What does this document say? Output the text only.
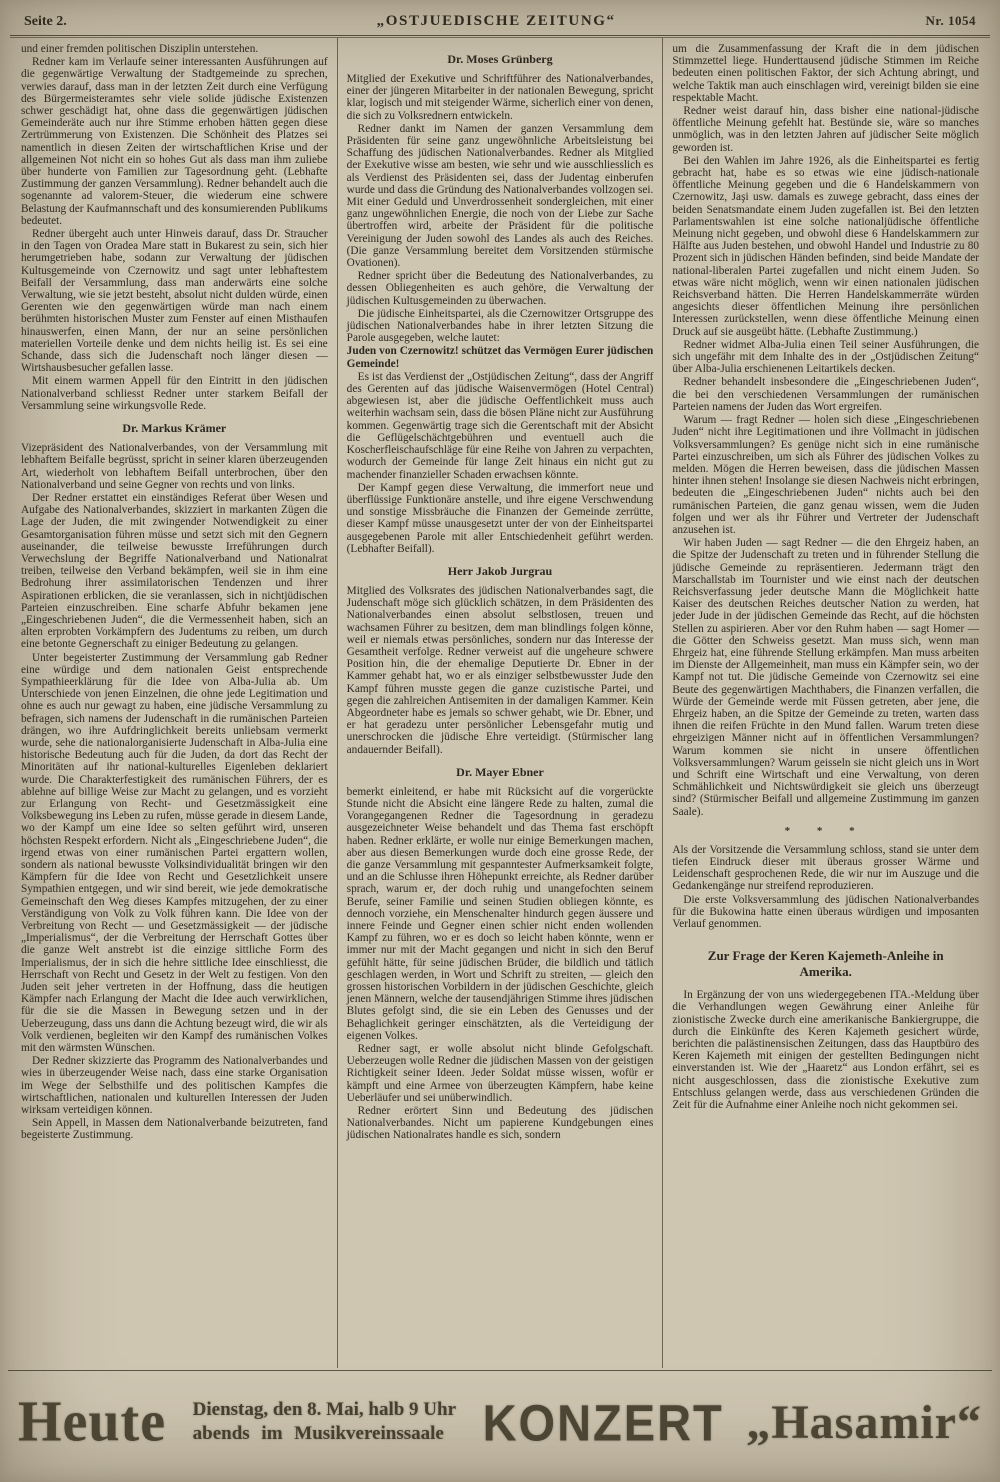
Seite 2.	„OSTJUEDISCHE ZEITUNG“	Nr. 1054

und einer fremden politischen Disziplin unterstehen.

Redner kam im Verlaufe seiner interessanten Ausführungen auf die gegenwärtige Verwaltung der Stadtgemeinde zu sprechen, verwies darauf, dass man in der letzten Zeit durch eine Verfügung des Bürgermeisteramtes sehr viele solide jüdische Existenzen schwer geschädigt hat, ohne dass die gegenwärtigen jüdischen Gemeinderäte auch nur ihre Stimme erhoben hätten gegen diese Zertrümmerung von Existenzen. Die Schönheit des Platzes sei namentlich in diesen Zeiten der wirtschaftlichen Krise und der allgemeinen Not nicht ein so hohes Gut als dass man ihm zuliebe über hunderte von Familien zur Tagesordnung geht. (Lebhafte Zustimmung der ganzen Versammlung). Redner behandelt auch die sogenannte ad valorem-Steuer, die wiederum eine schwere Belastung der Kaufmannschaft und des konsumierenden Publikums bedeutet.

Redner übergeht auch unter Hinweis darauf, dass Dr. Straucher in den Tagen von Oradea Mare statt in Bukarest zu sein, sich hier herumgetrieben habe, sodann zur Verwaltung der jüdischen Kultusgemeinde von Czernowitz und sagt unter lebhaftestem Beifall der Versammlung, dass man anderwärts eine solche Verwaltung, wie sie jetzt besteht, absolut nicht dulden würde, einen Gerenten wie den gegenwärtigen würde man nach einem berühmten historischen Muster zum Fenster auf einen Misthaufen hinauswerfen, einen Mann, der nur an seine persönlichen materiellen Vorteile denke und dem nichts heilig ist. Es sei eine Schande, dass sich die Judenschaft noch länger diesen — Wirtshausbesucher gefallen lasse.

Mit einem warmen Appell für den Eintritt in den jüdischen Nationalverband schliesst Redner unter starkem Beifall der Versammlung seine wirkungsvolle Rede.

Dr. Markus Krämer

Vizepräsident des Nationalverbandes, von der Versammlung mit lebhaftem Beifalle begrüsst, spricht in seiner klaren überzeugenden Art, wiederholt von lebhaftem Beifall unterbrochen, über den Nationalverband und seine Gegner von rechts und von links.

Der Redner erstattet ein einständiges Referat über Wesen und Aufgabe des Nationalverbandes, skizziert in markanten Zügen die Lage der Juden, die mit zwingender Notwendigkeit zu einer Gesamtorganisation führen müsse und setzt sich mit den Gegnern auseinander, die teilweise bewusste Irreführungen durch Verwechslung der Begriffe Nationalverband und Nationalrat treiben, teilweise den Verband bekämpfen, weil sie in ihm eine Bedrohung ihrer assimilatorischen Tendenzen und ihrer Aspirationen erblicken, die sie veranlassen, sich in nichtjüdischen Parteien einzuschreiben. Eine scharfe Abfuhr bekamen jene „Eingeschriebenen Juden“, die die Vermessenheit haben, sich an alten erprobten Vorkämpfern des Judentums zu reiben, um durch eine betonte Gegnerschaft zu einiger Bedeutung zu gelangen.

Unter begeisterter Zustimmung der Versammlung gab Redner eine würdige und dem nationalen Geist entsprechende Sympathieerklärung für die Idee von Alba-Julia ab. Um Unterschiede von jenen Einzelnen, die ohne jede Legitimation und ohne es auch nur gewagt zu haben, eine jüdische Versammlung zu befragen, sich namens der Judenschaft in die rumänischen Parteien drängen, wo ihre Aufdringlichkeit bereits unliebsam vermerkt wurde, sehe die nationalorganisierte Judenschaft in Alba-Julia eine historische Bedeutung auch für die Juden, da dort das Recht der Minoritäten auf ihr national-kulturelles Eigenleben deklariert wurde. Die Charakterfestigkeit des rumänischen Führers, der es ablehne auf billige Weise zur Macht zu gelangen, und es vorzieht zur Erlangung von Recht- und Gesetzmässigkeit eine Volksbewegung ins Leben zu rufen, müsse gerade in diesem Lande, wo der Kampf um eine Idee so selten geführt wird, unseren höchsten Respekt erfordern. Nicht als „Eingeschriebene Juden“, die irgend etwas von einer rumänischen Partei ergattern wollen, sondern als national bewusste Volksindividualität bringen wir den Kämpfern für die Idee von Recht und Gesetzlichkeit unsere Sympathien entgegen, und wir sind bereit, wie jede demokratische Gemeinschaft den Weg dieses Kampfes mitzugehen, der zu einer Verständigung von Volk zu Volk führen kann. Die Idee von der Verbreitung von Recht — und Gesetzmässigkeit — der jüdische „Imperialismus“, der die Verbreitung der Herrschaft Gottes über die ganze Welt anstrebt ist die einzige sittliche Form des Imperialismus, der in sich die hehre sittliche Idee einschliesst, die Herrschaft von Recht und Gesetz in der Welt zu festigen. Von den Juden seit jeher vertreten in der Hoffnung, dass die heutigen Kämpfer nach Erlangung der Macht die Idee auch verwirklichen, für die sie die Massen in Bewegung setzen und in der Ueberzeugung, dass uns dann die Achtung bezeugt wird, die wir als Volk verdienen, begleiten wir den Kampf des rumänischen Volkes mit den wärmsten Wünschen.

Der Redner skizzierte das Programm des Nationalverbandes und wies in überzeugender Weise nach, dass eine starke Organisation im Wege der Selbsthilfe und des politischen Kampfes die wirtschaftlichen, nationalen und kulturellen Interessen der Juden wirksam verteidigen können.

Sein Appell, in Massen dem Nationalverbande beizutreten, fand begeisterte Zustimmung.

Dr. Moses Grünberg

Mitglied der Exekutive und Schriftführer des Nationalverbandes, einer der jüngeren Mitarbeiter in der nationalen Bewegung, spricht klar, logisch und mit steigender Wärme, sicherlich einer von denen, die sich zu Volksrednern entwickeln.

Redner dankt im Namen der ganzen Versammlung dem Präsidenten für seine ganz ungewöhnliche Arbeitsleistung bei Schaffung des jüdischen Nationalverbandes. Redner als Mitglied der Exekutive wisse am besten, wie sehr und wie ausschliesslich es als Verdienst des Präsidenten sei, dass der Judentag einberufen wurde und dass die Gründung des Nationalverbandes vollzogen sei. Mit einer Geduld und Unverdrossenheit sondergleichen, mit einer ganz ungewöhnlichen Energie, die noch von der Liebe zur Sache übertroffen wird, arbeite der Präsident für die politische Vereinigung der Juden sowohl des Landes als auch des Reiches. (Die ganze Versammlung bereitet dem Vorsitzenden stürmische Ovationen).

Redner spricht über die Bedeutung des Nationalverbandes, zu dessen Obliegenheiten es auch gehöre, die Verwaltung der jüdischen Kultusgemeinden zu überwachen.

Die jüdische Einheitspartei, als die Czernowitzer Ortsgruppe des jüdischen Nationalverbandes habe in ihrer letzten Sitzung die Parole ausgegeben, welche lautet:

Juden von Czernowitz! schützet das Vermögen Eurer jüdischen Gemeinde!

Es ist das Verdienst der „Ostjüdischen Zeitung“, dass der Angriff des Gerenten auf das jüdische Waisenvermögen (Hotel Central) abgewiesen ist, aber die jüdische Oeffentlichkeit muss auch weiterhin wachsam sein, dass die bösen Pläne nicht zur Ausführung kommen. Gegenwärtig trage sich die Gerentschaft mit der Absicht die Geflügelschächtgebühren und eventuell auch die Koscherfleischaufschläge für eine Reihe von Jahren zu verpachten, wodurch der Gemeinde für lange Zeit hinaus ein nicht gut zu machender finanzieller Schaden erwachsen könnte.

Der Kampf gegen diese Verwaltung, die immerfort neue und überflüssige Funktionäre anstelle, und ihre eigene Verschwendung und sonstige Missbräuche die Finanzen der Gemeinde zerrütte, dieser Kampf müsse unausgesetzt unter der von der Einheitspartei ausgegebenen Parole mit aller Entschiedenheit geführt werden. (Lebhafter Beifall).

Herr Jakob Jurgrau

Mitglied des Volksrates des jüdischen Nationalverbandes sagt, die Judenschaft möge sich glücklich schätzen, in dem Präsidenten des Nationalverbandes einen absolut selbstlosen, treuen und wachsamen Führer zu besitzen, dem man blindlings folgen könne, weil er niemals etwas persönliches, sondern nur das Interesse der Gesamtheit verfolge. Redner verweist auf die ungeheure schwere Position hin, die der ehemalige Deputierte Dr. Ebner in der Kammer gehabt hat, wo er als einziger selbstbewusster Jude den Kampf führen musste gegen die ganze cuzistische Partei, und gegen die zahlreichen Antisemiten in der damaligen Kammer. Kein Abgeordneter habe es jemals so schwer gehabt, wie Dr. Ebner, und er hat geradezu unter persönlicher Lebensgefahr mutig und unerschrocken die jüdische Ehre verteidigt. (Stürmischer lang andauernder Beifall).

Dr. Mayer Ebner

bemerkt einleitend, er habe mit Rücksicht auf die vorgerückte Stunde nicht die Absicht eine längere Rede zu halten, zumal die Vorangegangenen Redner die Tagesordnung in geradezu ausgezeichneter Weise behandelt und das Thema fast erschöpft haben. Redner erklärte, er wolle nur einige Bemerkungen machen, aber aus diesen Bemerkungen wurde doch eine grosse Rede, der die ganze Versammlung mit gespanntester Aufmerksamkeit folgte, und an die Schlusse ihren Höhepunkt erreichte, als Redner darüber sprach, warum er, der doch ruhig und unangefochten seinem Berufe, seiner Familie und seinen Studien obliegen könnte, es dennoch vorziehe, ein Menschenalter hindurch gegen äussere und innere Feinde und Gegner einen schier nicht enden wollenden Kampf zu führen, wo er es doch so leicht haben könnte, wenn er immer nur mit der Macht gegangen und nicht in sich den Beruf gefühlt hätte, für seine jüdischen Brüder, die bildlich und tätlich geschlagen werden, in Wort und Schrift zu streiten, — gleich den grossen historischen Vorbildern in der jüdischen Geschichte, gleich jenen Männern, welche der tausendjährigen Stimme ihres jüdischen Blutes gefolgt sind, die sie ein Leben des Genusses und der Behaglichkeit geringer einschätzten, als die Verteidigung der eigenen Volkes.

Redner sagt, er wolle absolut nicht blinde Gefolgschaft. Ueberzeugen wolle Redner die jüdischen Massen von der geistigen Richtigkeit seiner Ideen. Jeder Soldat müsse wissen, wofür er kämpft und eine Armee von überzeugten Kämpfern, habe keine Ueberläufer und sei unüberwindlich.

Redner erörtert Sinn und Bedeutung des jüdischen Nationalverbandes. Nicht um papierene Kundgebungen eines jüdischen Nationalrates handle es sich, sondern

um die Zusammenfassung der Kraft die in dem jüdischen Stimmzettel liege. Hunderttausend jüdische Stimmen im Reiche bedeuten einen politischen Faktor, der sich Achtung abringt, und welche Taktik man auch einschlagen wird, vereinigt bilden sie eine respektable Macht.

Redner weist darauf hin, dass bisher eine national-jüdische öffentliche Meinung gefehlt hat. Bestünde sie, wäre so manches unmöglich, was in den letzten Jahren auf jüdischer Seite möglich geworden ist.

Bei den Wahlen im Jahre 1926, als die Einheitspartei es fertig gebracht hat, habe es so etwas wie eine jüdisch-nationale öffentliche Meinung gegeben und die 6 Handelskammern von Czernowitz, Jaşi usw. damals es zuwege gebracht, dass eines der beiden Senatsmandate einem Juden zugefallen ist. Bei den letzten Parlamentswahlen ist eine solche nationaljüdische öffentliche Meinung nicht gegeben, und obwohl diese 6 Handelskammern zur Hälfte aus Juden bestehen, und obwohl Handel und Industrie zu 80 Prozent sich in jüdischen Händen befinden, sind beide Mandate der national-liberalen Partei zugefallen und nicht einem Juden. So etwas wäre nicht möglich, wenn wir einen nationalen jüdischen Reichsverband hätten. Die Herren Handelskammerräte würden angesichts dieser öffentlichen Meinung ihre persönlichen Interessen zurückstellen, wenn diese öffentliche Meinung einen Druck auf sie ausgeübt hätte. (Lebhafte Zustimmung.)

Redner widmet Alba-Julia einen Teil seiner Ausführungen, die sich ungefähr mit dem Inhalte des in der „Ostjüdischen Zeitung“ über Alba-Julia erschienenen Leitartikels decken.

Redner behandelt insbesondere die „Eingeschriebenen Juden“, die bei den verschiedenen Versammlungen der rumänischen Parteien namens der Juden das Wort ergreifen.

Warum — fragt Redner — holen sich diese „Eingeschriebenen Juden“ nicht ihre Legitimationen und ihre Vollmacht in jüdischen Volksversammlungen? Es genüge nicht sich in eine rumänische Partei einzuschreiben, um sich als Führer des jüdischen Volkes zu melden. Mögen die Herren beweisen, dass die jüdischen Massen hinter ihnen stehen! Insolange sie diesen Nachweis nicht erbringen, bedeuten die „Eingeschriebenen Juden“ nichts auch bei den rumänischen Parteien, die ganz genau wissen, wem die Juden folgen und wer als ihr Führer und Vertreter der Judenschaft anzusehen ist.

Wir haben Juden — sagt Redner — die den Ehrgeiz haben, an die Spitze der Judenschaft zu treten und in führender Stellung die jüdische Gemeinde zu repräsentieren. Jedermann trägt den Marschallstab im Tournister und wie einst nach der deutschen Reichsverfassung jeder deutsche Mann die Möglichkeit hatte Kaiser des deutschen Reiches deutscher Nation zu werden, hat jeder Jude in der jüdischen Gemeinde das Recht, auf die höchsten Stellen zu aspirieren. Aber vor den Ruhm haben — sagt Homer — die Götter den Schweiss gesetzt. Man muss sich, wenn man Ehrgeiz hat, eine führende Stellung erkämpfen. Man muss arbeiten im Dienste der Allgemeinheit, man muss ein Kämpfer sein, wo der Kampf not tut. Die jüdische Gemeinde von Czernowitz sei eine Beute des gegenwärtigen Machthabers, die Finanzen verfallen, die Würde der Gemeinde werde mit Füssen getreten, aber jene, die Ehrgeiz haben, an die Spitze der Gemeinde zu treten, warten dass ihnen die reifen Früchte in den Mund fallen. Warum treten diese ehrgeizigen Männer nicht auf in öffentlichen Versammlungen? Warum kommen sie nicht in unsere öffentlichen Volksversammlungen? Warum geisseln sie nicht gleich uns in Wort und Schrift eine Wirtschaft und eine Verwaltung, von deren Schmählichkeit und Nichtswürdigkeit sie gleich uns überzeugt sind? (Stürmischer Beifall und allgemeine Zustimmung im ganzen Saale).

* * *

Als der Vorsitzende die Versammlung schloss, stand sie unter dem tiefen Eindruck dieser mit überaus grosser Wärme und Leidenschaft gesprochenen Rede, die wir nur im Auszuge und die Gedankengänge nur streifend reproduzieren.

Die erste Volksversammlung des jüdischen Nationalverbandes für die Bukowina hatte einen überaus würdigen und imposanten Verlauf genommen.

Zur Frage der Keren Kajemeth-Anleihe in Amerika.

In Ergänzung der von uns wiedergegebenen ITA.-Meldung über die Verhandlungen wegen Gewährung einer Anleihe für zionistische Zwecke durch eine amerikanische Bankiergruppe, die durch die Einkünfte des Keren Kajemeth gesichert würde, berichten die palästinensischen Zeitungen, dass das Hauptbüro des Keren Kajemeth mit einigen der gestellten Bedingungen nicht einverstanden ist. Wie der „Haaretz“ aus London erfährt, sei es nicht ausgeschlossen, dass die zionistische Exekutive zum Entschluss gelangen werde, dass aus verschiedenen Gründen die Zeit für die Aufnahme einer Anleihe noch nicht gekommen sei.

Heute Dienstag, den 8. Mai, halb 9 Uhr
abends im Musikvereinssaale KONZERT „Hasamir“
